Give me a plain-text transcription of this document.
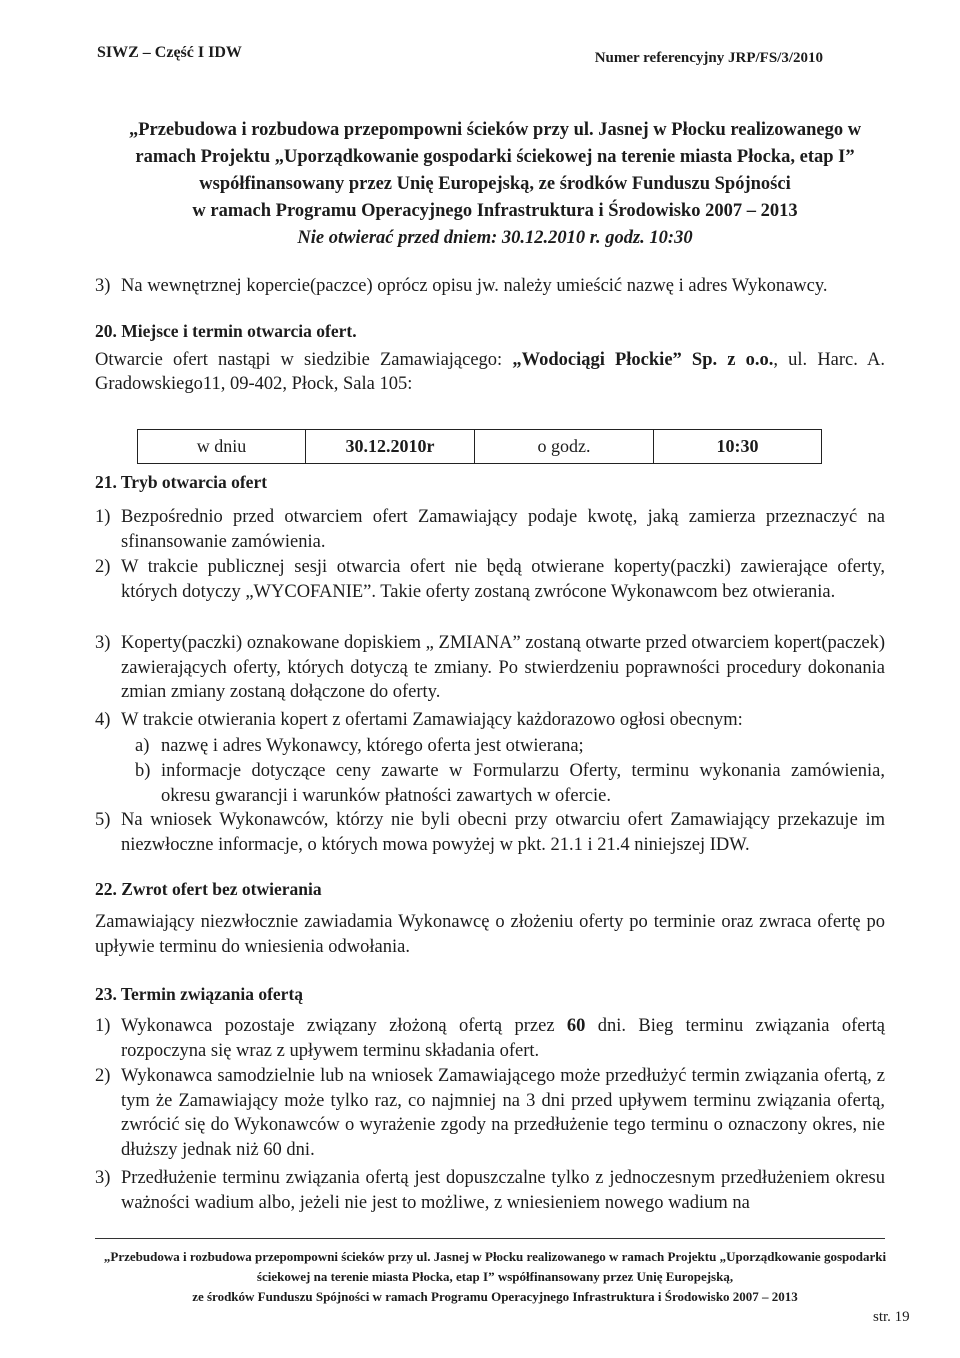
SIWZ – Część I IDW	Numer referencyjny JRP/FS/3/2010
„Przebudowa i rozbudowa przepompowni ścieków przy ul. Jasnej w Płocku realizowanego w
ramach Projektu „Uporządkowanie gospodarki ściekowej na terenie miasta Płocka, etap I”
współfinansowany przez Unię Europejską, ze środków Funduszu Spójności
w ramach Programu Operacyjnego Infrastruktura i Środowisko 2007 – 2013
Nie otwierać przed dniem: 30.12.2010 r. godz. 10:30
3) Na wewnętrznej kopercie(paczce) oprócz opisu jw. należy umieścić nazwę i adres Wykonawcy.
20. Miejsce i termin otwarcia ofert.
Otwarcie ofert nastąpi w siedzibie Zamawiającego: „Wodociągi Płockie” Sp. z o.o., ul. Harc. A. Gradowskiego11, 09-402, Płock, Sala 105:
w dniu	30.12.2010r	o godz.	10:30
21. Tryb otwarcia ofert
1) Bezpośrednio przed otwarciem ofert Zamawiający podaje kwotę, jaką zamierza przeznaczyć na sfinansowanie zamówienia.
2) W trakcie publicznej sesji otwarcia ofert nie będą otwierane koperty(paczki) zawierające oferty, których dotyczy „WYCOFANIE”. Takie oferty zostaną zwrócone Wykonawcom bez otwierania.
3) Koperty(paczki) oznakowane dopiskiem „ ZMIANA” zostaną otwarte przed otwarciem kopert(paczek) zawierających oferty, których dotyczą te zmiany. Po stwierdzeniu poprawności procedury dokonania zmian zmiany zostaną dołączone do oferty.
4) W trakcie otwierania kopert z ofertami Zamawiający każdorazowo ogłosi obecnym:
a) nazwę i adres Wykonawcy, którego oferta jest otwierana;
b) informacje dotyczące ceny zawarte w Formularzu Oferty, terminu wykonania zamówienia, okresu gwarancji i warunków płatności zawartych w ofercie.
5) Na wniosek Wykonawców, którzy nie byli obecni przy otwarciu ofert Zamawiający przekazuje im niezwłoczne informacje, o których mowa powyżej w pkt. 21.1 i 21.4 niniejszej IDW.
22. Zwrot ofert bez otwierania
Zamawiający niezwłocznie zawiadamia Wykonawcę o złożeniu oferty po terminie oraz zwraca ofertę po upływie terminu do wniesienia odwołania.
23. Termin związania ofertą
1) Wykonawca pozostaje związany złożoną ofertą przez 60 dni. Bieg terminu związania ofertą rozpoczyna się wraz z upływem terminu składania ofert.
2) Wykonawca samodzielnie lub na wniosek Zamawiającego może przedłużyć termin związania ofertą, z tym że Zamawiający może tylko raz, co najmniej na 3 dni przed upływem terminu związania ofertą, zwrócić się do Wykonawców o wyrażenie zgody na przedłużenie tego terminu o oznaczony okres, nie dłuższy jednak niż 60 dni.
3) Przedłużenie terminu związania ofertą jest dopuszczalne tylko z jednoczesnym przedłużeniem okresu ważności wadium albo, jeżeli nie jest to możliwe, z wniesieniem nowego wadium na
„Przebudowa i rozbudowa przepompowni ścieków przy ul. Jasnej w Płocku realizowanego w ramach Projektu „Uporządkowanie gospodarki
ściekowej na terenie miasta Płocka, etap I” współfinansowany przez Unię Europejską,
ze środków Funduszu Spójności w ramach Programu Operacyjnego Infrastruktura i Środowisko 2007 – 2013
str. 19
